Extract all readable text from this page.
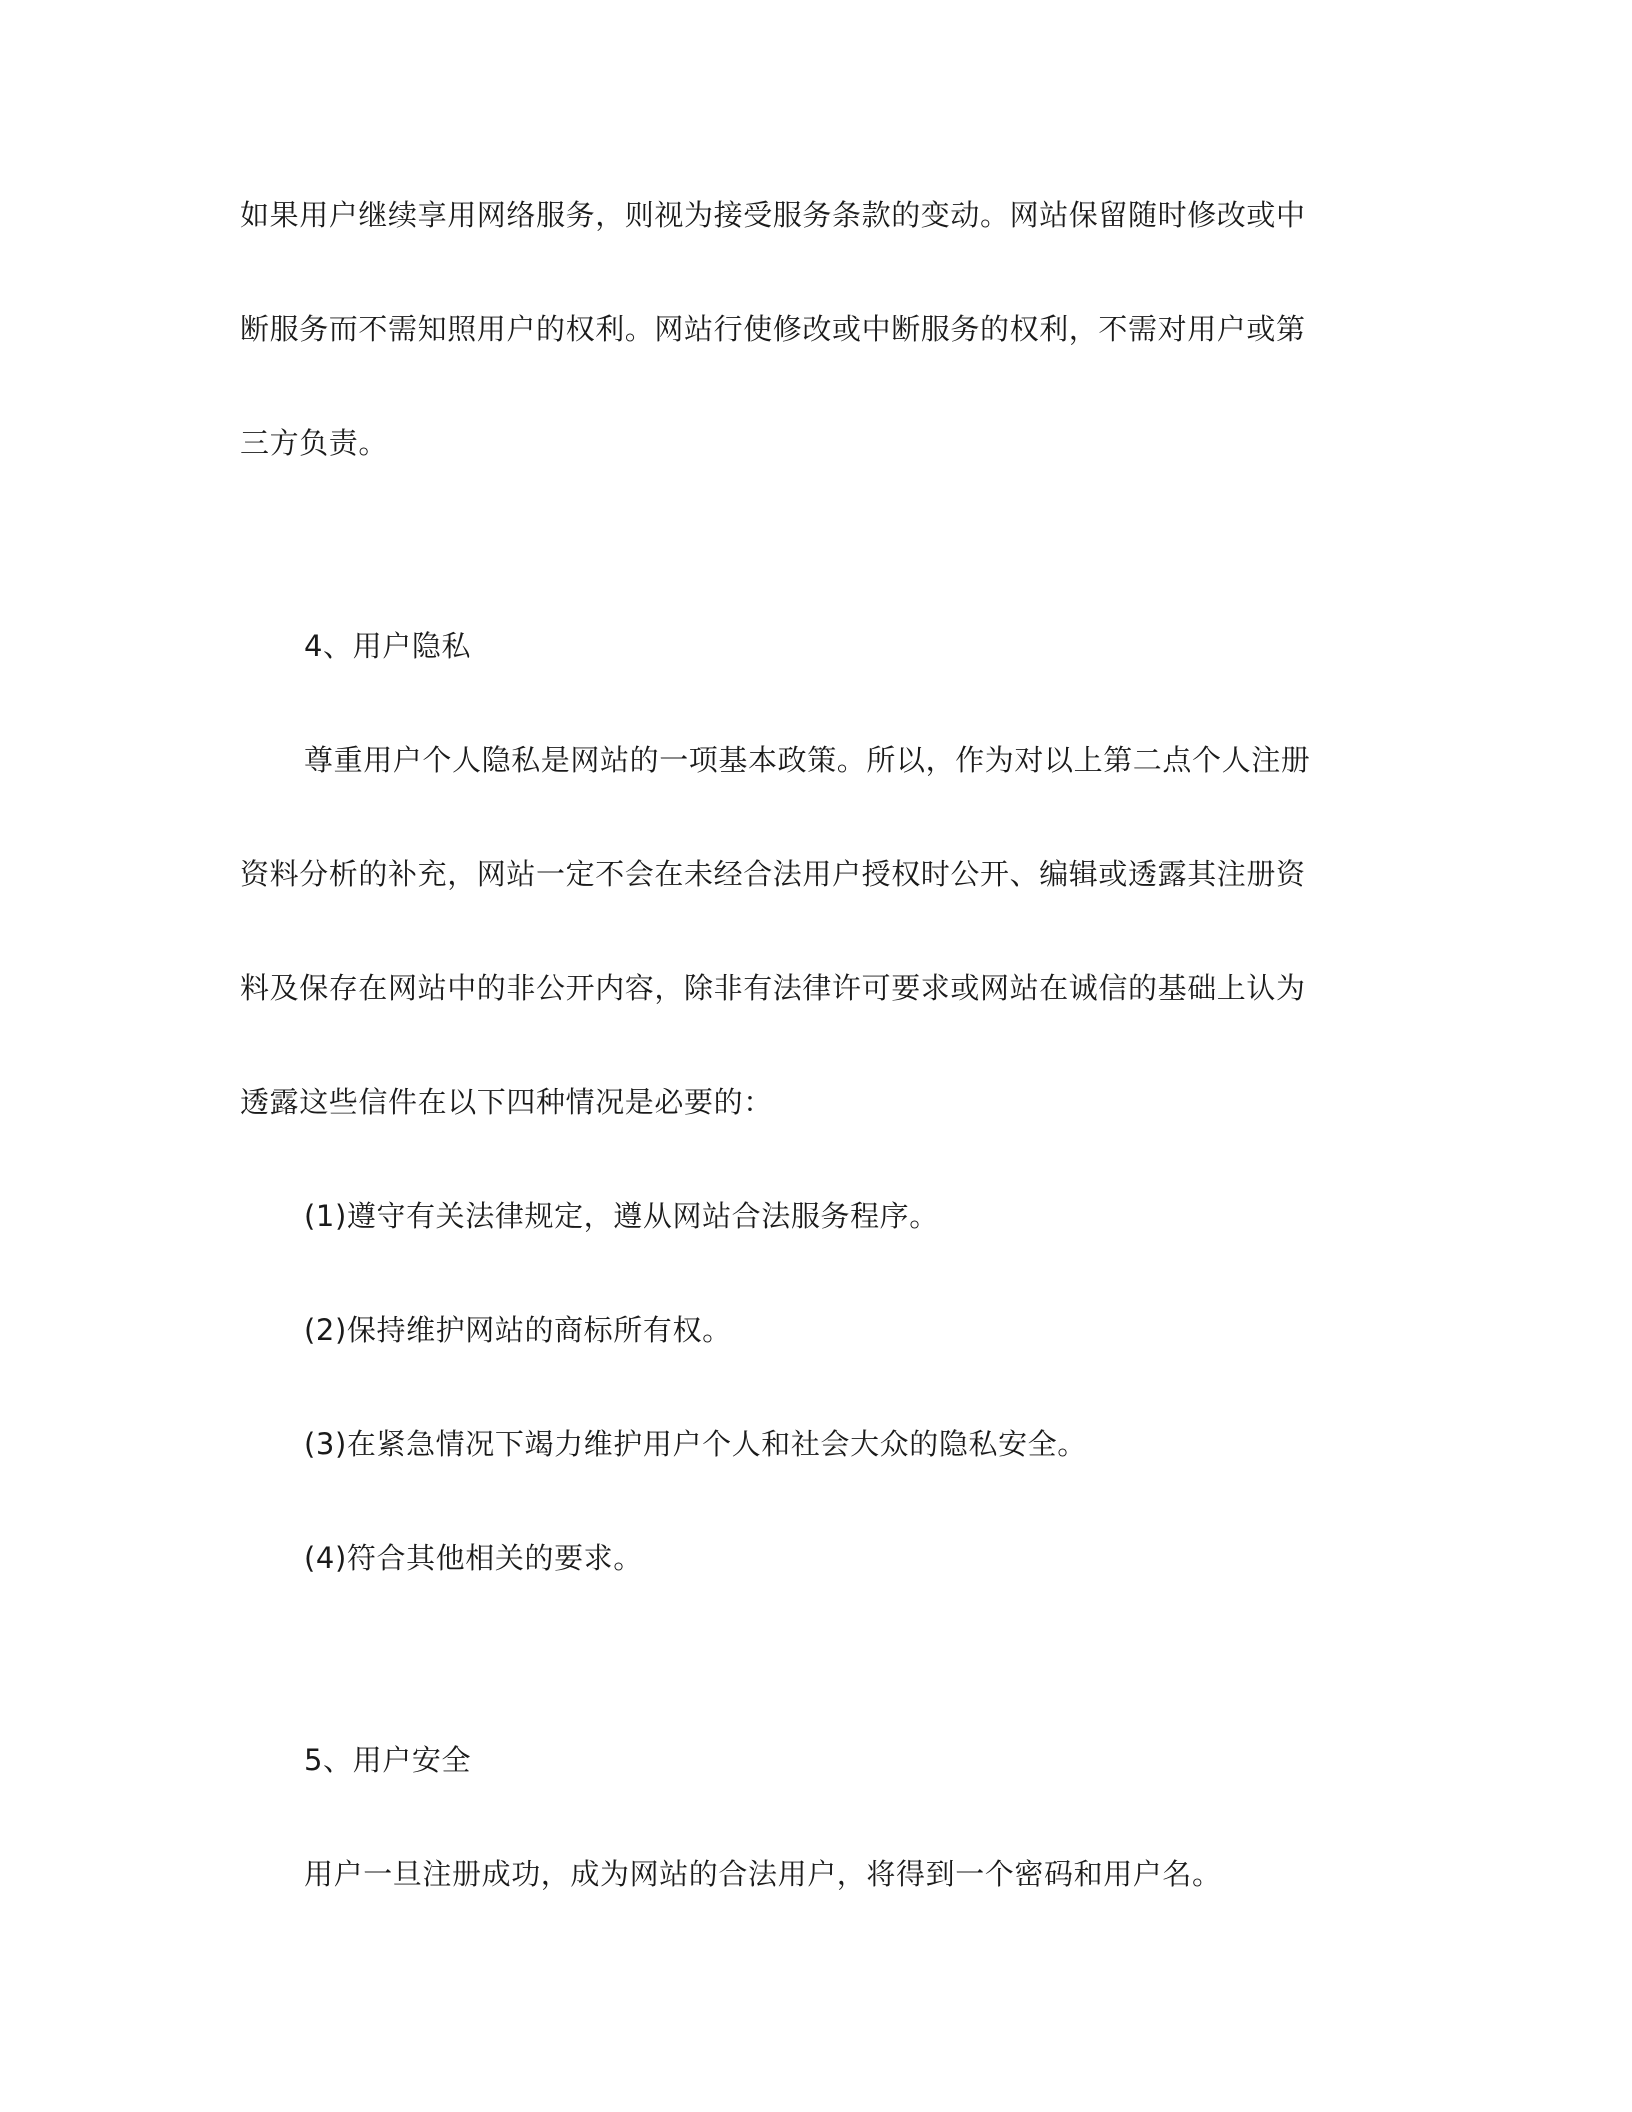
如果用户继续享用网络服务，则视为接受服务条款的变动。网站保留随时修改或中
断服务而不需知照用户的权利。网站行使修改或中断服务的权利，不需对用户或第
三方负责。
4、用户隐私
尊重用户个人隐私是网站的一项基本政策。所以，作为对以上第二点个人注册
资料分析的补充，网站一定不会在未经合法用户授权时公开、编辑或透露其注册资
料及保存在网站中的非公开内容，除非有法律许可要求或网站在诚信的基础上认为
透露这些信件在以下四种情况是必要的：
(1)遵守有关法律规定，遵从网站合法服务程序。
(2)保持维护网站的商标所有权。
(3)在紧急情况下竭力维护用户个人和社会大众的隐私安全。
(4)符合其他相关的要求。
5、用户安全
用户一旦注册成功，成为网站的合法用户，将得到一个密码和用户名。
